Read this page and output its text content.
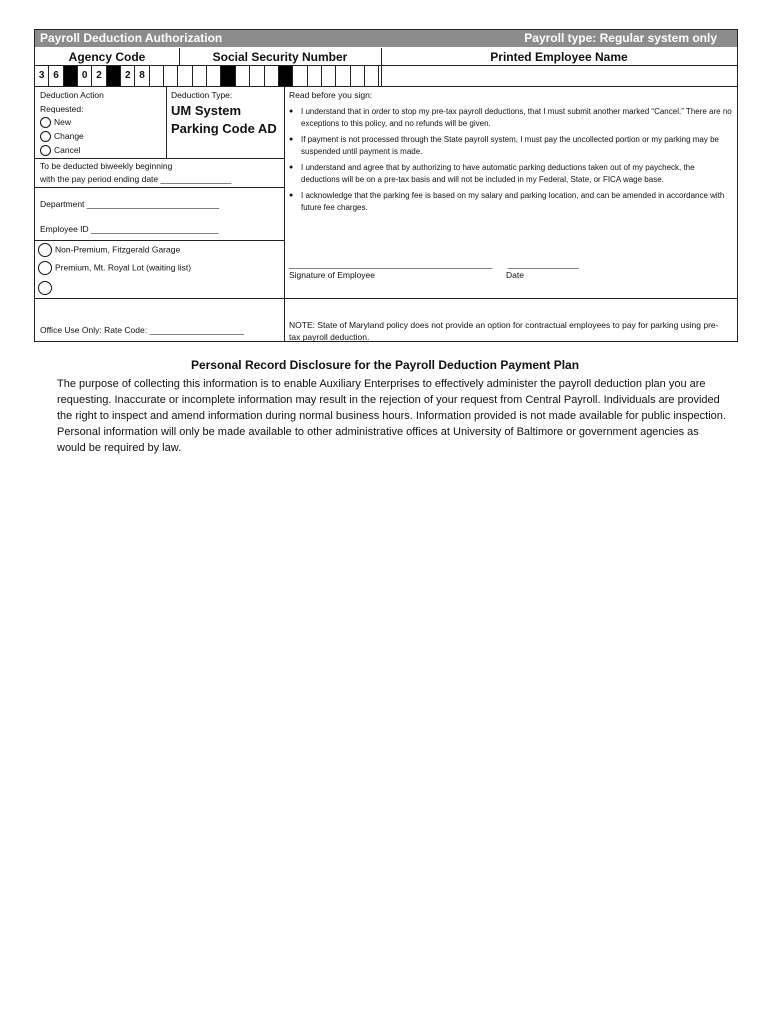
Payroll Deduction Authorization	Payroll type: Regular system only
Agency Code	Social Security Number	Printed Employee Name
3 6	0 2	2 8
Deduction Action
Requested:
New
Change
Cancel
Deduction Type:
UM System
Parking Code AD
To be deducted biweekly beginning
with the pay period ending date _______________
Department ____________________________
Employee ID ___________________________
Non-Premium, Fitzgerald Garage
Premium, Mt. Royal Lot (waiting list)
Office Use Only: Rate Code: ____________________
Read before you sign:
● I understand that in order to stop my pre-tax payroll deductions, that I must submit another marked “Cancel.” There are no exceptions to this policy, and no refunds will be given.
● If payment is not processed through the State payroll system, I must pay the uncollected portion or my parking may be suspended until payment is made.
● I understand and agree that by authorizing to have automatic parking deductions taken out of my paycheck, the deductions will be on a pre-tax basis and will not be included in my Federal, State, or FICA wage base.
● I acknowledge that the parking fee is based on my salary and parking location, and can be amended in accordance with future fee charges.
___________________________________________ _______________
Signature of Employee	Date
NOTE: State of Maryland policy does not provide an option for contractual employees to pay for parking using pre-tax payroll deduction.
Personal Record Disclosure for the Payroll Deduction Payment Plan
The purpose of collecting this information is to enable Auxiliary Enterprises to effectively administer the payroll deduction plan you are requesting. Inaccurate or incomplete information may result in the rejection of your request from Central Payroll. Individuals are provided the right to inspect and amend information during normal business hours. Information provided is not made available for public inspection. Personal information will only be made available to other administrative offices at University of Baltimore or government agencies as would be required by law.
